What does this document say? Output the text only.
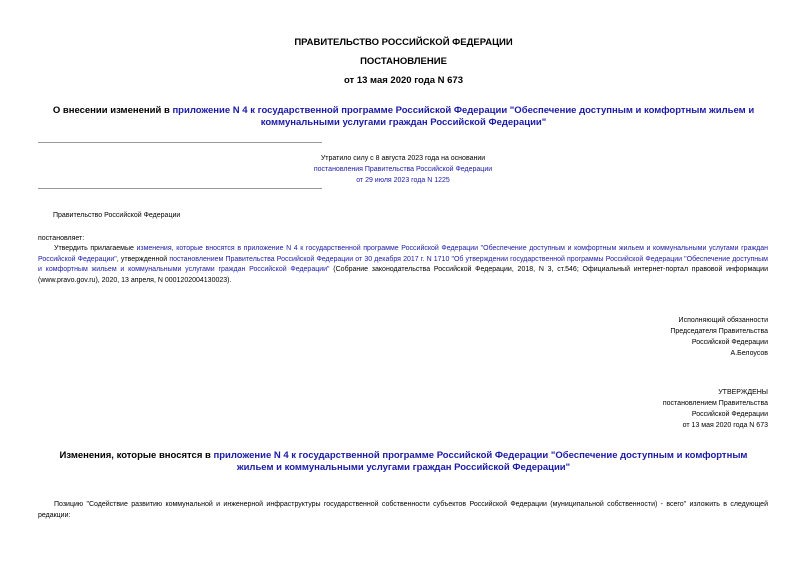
ПРАВИТЕЛЬСТВО РОССИЙСКОЙ ФЕДЕРАЦИИ
ПОСТАНОВЛЕНИЕ
от 13 мая 2020 года N 673
О внесении изменений в приложение N 4 к государственной программе Российской Федерации "Обеспечение доступным и комфортным жильем и коммунальными услугами граждан Российской Федерации"
Утратило силу с 8 августа 2023 года на основании
постановления Правительства Российской Федерации
от 29 июля 2023 года N 1225
Правительство Российской Федерации
постановляет:
Утвердить прилагаемые изменения, которые вносятся в приложение N 4 к государственной программе Российской Федерации "Обеспечение доступным и комфортным жильем и коммунальными услугами граждан Российской Федерации", утвержденной постановлением Правительства Российской Федерации от 30 декабря 2017 г. N 1710 "Об утверждении государственной программы Российской Федерации "Обеспечение доступным и комфортным жильем и коммунальными услугами граждан Российской Федерации" (Собрание законодательства Российской Федерации, 2018, N 3, ст.546; Официальный интернет-портал правовой информации (www.pravo.gov.ru), 2020, 13 апреля, N 0001202004130023).
Исполняющий обязанности
Председателя Правительства
Российской Федерации
А.Белоусов
УТВЕРЖДЕНЫ
постановлением Правительства
Российской Федерации
от 13 мая 2020 года N 673
Изменения, которые вносятся в приложение N 4 к государственной программе Российской Федерации "Обеспечение доступным и комфортным жильем и коммунальными услугами граждан Российской Федерации"
Позицию "Содействие развитию коммунальной и инженерной инфраструктуры государственной собственности субъектов Российской Федерации (муниципальной собственности) - всего" изложить в следующей редакции:
